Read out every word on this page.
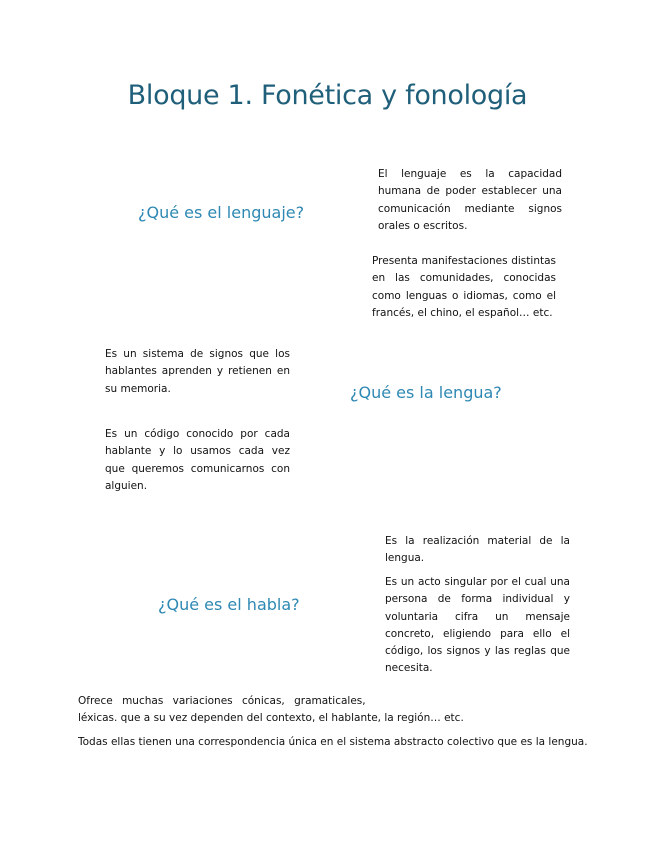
Bloque 1. Fonética y fonología
¿Qué es el lenguaje?

El lenguaje es la capacidad humana de poder establecer una comunicación mediante signos orales o escritos.

Presenta manifestaciones distintas en las comunidades, conocidas como lenguas o idiomas, como el francés, el chino, el español… etc.

¿Qué es la lengua?

Es un sistema de signos que los hablantes aprenden y retienen en su memoria.

Es un código conocido por cada hablante y lo usamos cada vez que queremos comunicarnos con alguien.

¿Qué es el habla?

Es la realización material de la lengua.

Es un acto singular por el cual una persona de forma individual y voluntaria cifra un mensaje concreto, eligiendo para ello el código, los signos y las reglas que necesita.

Ofrece muchas variaciones cónicas, gramaticales,

léxicas. que a su vez dependen del contexto, el hablante, la región… etc.

Todas ellas tienen una correspondencia única en el sistema abstracto colectivo que es la lengua.
